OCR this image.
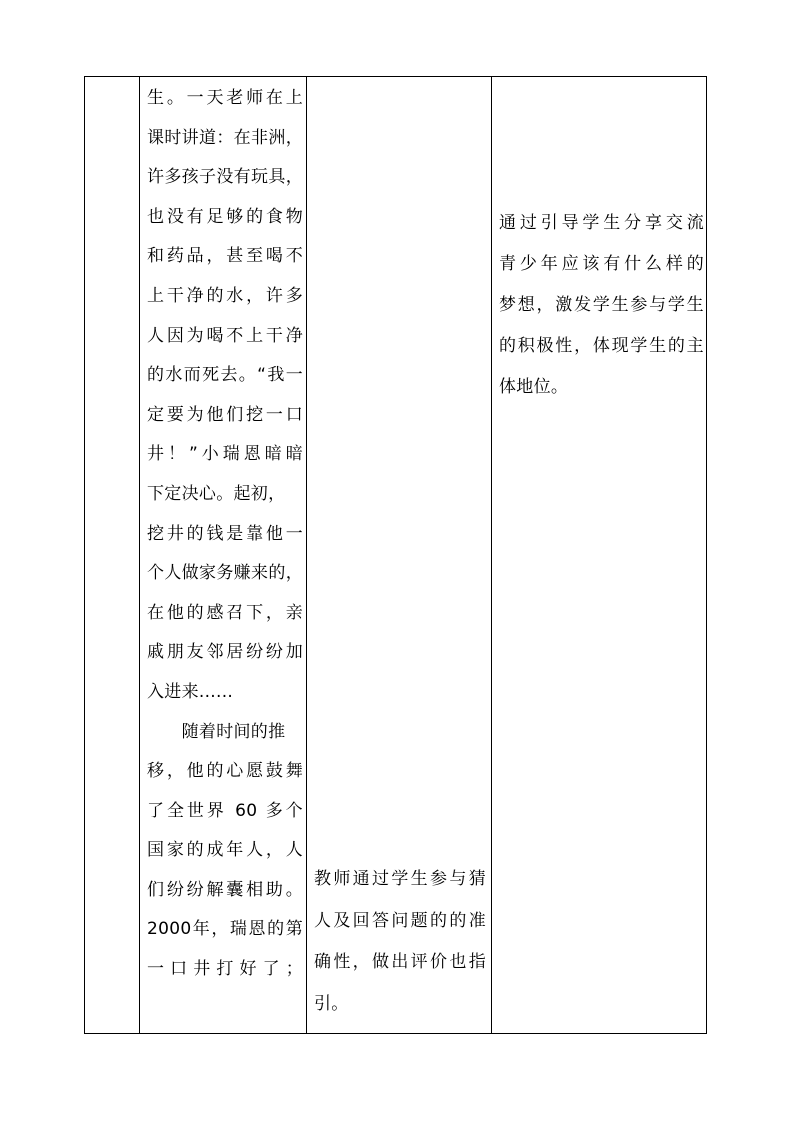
生。一天老师在上
课时讲道：在非洲，
许多孩子没有玩具，
也没有足够的食物
和药品，甚至喝不
上干净的水，许多
人因为喝不上干净
的水而死去。“我一
定要为他们挖一口
井！”小瑞恩暗暗
下定决心。起初，
挖井的钱是靠他一
个人做家务赚来的，
在他的感召下，亲
戚朋友邻居纷纷加
入进来......
　　随着时间的推
移，他的心愿鼓舞
了全世界 60 多个
国家的成年人，人
们纷纷解囊相助。
2000年，瑞恩的第
一口井打好了；
教师通过学生参与猜
人及回答问题的的准
确性，做出评价也指
引。
通过引导学生分享交流
青少年应该有什么样的
梦想，激发学生参与学生
的积极性，体现学生的主
体地位。
